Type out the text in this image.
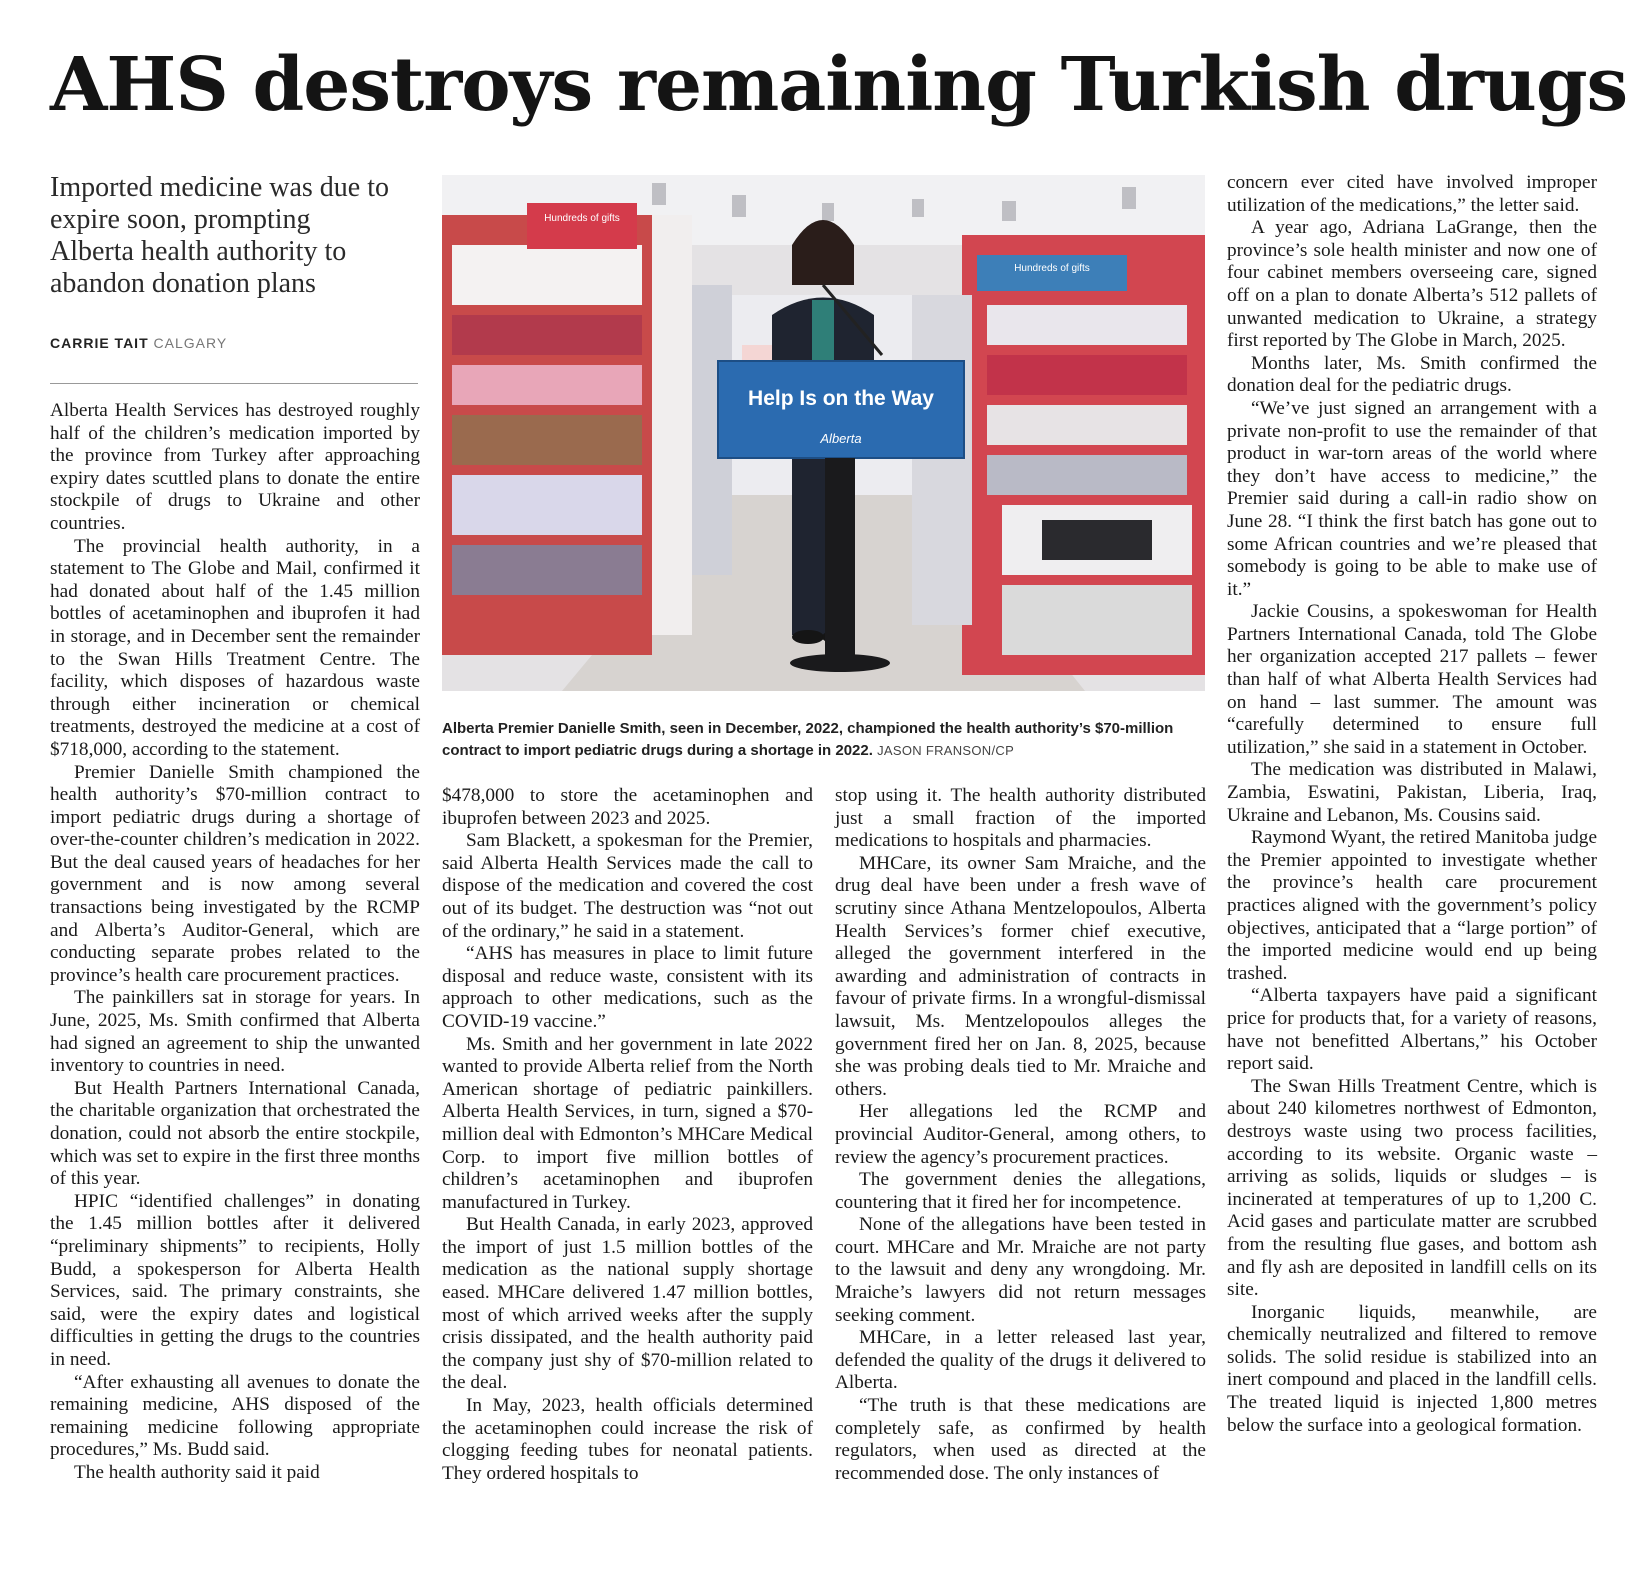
AHS destroys remaining Turkish drugs

Imported medicine was due to expire soon, prompting Alberta health authority to abandon donation plans

CARRIE TAIT CALGARY
Hundreds of gifts
Hundreds of gifts
Help Is on the Way
Alberta

Alberta Premier Danielle Smith, seen in December, 2022, championed the health authority’s $70-million contract to import pediatric drugs during a shortage in 2022. JASON FRANSON/CP

Alberta Health Services has destroyed roughly half of the children’s medication imported by the province from Turkey after approaching expiry dates scuttled plans to donate the entire stockpile of drugs to Ukraine and other countries.

The provincial health authority, in a statement to The Globe and Mail, confirmed it had donated about half of the 1.45 million bottles of acetaminophen and ibuprofen it had in storage, and in December sent the remainder to the Swan Hills Treatment Centre. The facility, which disposes of hazardous waste through either incineration or chemical treatments, destroyed the medicine at a cost of $718,000, according to the statement.

Premier Danielle Smith championed the health authority’s $70-million contract to import pediatric drugs during a shortage of over-the-counter children’s medication in 2022. But the deal caused years of headaches for her government and is now among several transactions being investigated by the RCMP and Alberta’s Auditor-General, which are conducting separate probes related to the province’s health care procurement practices.

The painkillers sat in storage for years. In June, 2025, Ms. Smith confirmed that Alberta had signed an agreement to ship the unwanted inventory to countries in need.

But Health Partners International Canada, the charitable organization that orchestrated the donation, could not absorb the entire stockpile, which was set to expire in the first three months of this year.

HPIC “identified challenges” in donating the 1.45 million bottles after it delivered “preliminary shipments” to recipients, Holly Budd, a spokesperson for Alberta Health Services, said. The primary constraints, she said, were the expiry dates and logistical difficulties in getting the drugs to the countries in need.

“After exhausting all avenues to donate the remaining medicine, AHS disposed of the remaining medicine following appropriate procedures,” Ms. Budd said.

The health authority said it paid

$478,000 to store the acetaminophen and ibuprofen between 2023 and 2025.

Sam Blackett, a spokesman for the Premier, said Alberta Health Services made the call to dispose of the medication and covered the cost out of its budget. The destruction was “not out of the ordinary,” he said in a statement.

“AHS has measures in place to limit future disposal and reduce waste, consistent with its approach to other medications, such as the COVID-19 vaccine.”

Ms. Smith and her government in late 2022 wanted to provide Alberta relief from the North American shortage of pediatric painkillers. Alberta Health Services, in turn, signed a $70-million deal with Edmonton’s MHCare Medical Corp. to import five million bottles of children’s acetaminophen and ibuprofen manufactured in Turkey.

But Health Canada, in early 2023, approved the import of just 1.5 million bottles of the medication as the national supply shortage eased. MHCare delivered 1.47 million bottles, most of which arrived weeks after the supply crisis dissipated, and the health authority paid the company just shy of $70-million related to the deal.

In May, 2023, health officials determined the acetaminophen could increase the risk of clogging feeding tubes for neonatal patients. They ordered hospitals to

stop using it. The health authority distributed just a small fraction of the imported medications to hospitals and pharmacies.

MHCare, its owner Sam Mraiche, and the drug deal have been under a fresh wave of scrutiny since Athana Mentzelopoulos, Alberta Health Services’s former chief executive, alleged the government interfered in the awarding and administration of contracts in favour of private firms. In a wrongful-dismissal lawsuit, Ms. Mentzelopoulos alleges the government fired her on Jan. 8, 2025, because she was probing deals tied to Mr. Mraiche and others.

Her allegations led the RCMP and provincial Auditor-General, among others, to review the agency’s procurement practices.

The government denies the allegations, countering that it fired her for incompetence.

None of the allegations have been tested in court. MHCare and Mr. Mraiche are not party to the lawsuit and deny any wrongdoing. Mr. Mraiche’s lawyers did not return messages seeking comment.

MHCare, in a letter released last year, defended the quality of the drugs it delivered to Alberta.

“The truth is that these medications are completely safe, as confirmed by health regulators, when used as directed at the recommended dose. The only instances of

concern ever cited have involved improper utilization of the medications,” the letter said.

A year ago, Adriana LaGrange, then the province’s sole health minister and now one of four cabinet members overseeing care, signed off on a plan to donate Alberta’s 512 pallets of unwanted medication to Ukraine, a strategy first reported by The Globe in March, 2025.

Months later, Ms. Smith confirmed the donation deal for the pediatric drugs.

“We’ve just signed an arrangement with a private non-profit to use the remainder of that product in war-torn areas of the world where they don’t have access to medicine,” the Premier said during a call-in radio show on June 28. “I think the first batch has gone out to some African countries and we’re pleased that somebody is going to be able to make use of it.”

Jackie Cousins, a spokeswoman for Health Partners International Canada, told The Globe her organization accepted 217 pallets – fewer than half of what Alberta Health Services had on hand – last summer. The amount was “carefully determined to ensure full utilization,” she said in a statement in October.

The medication was distributed in Malawi, Zambia, Eswatini, Pakistan, Liberia, Iraq, Ukraine and Lebanon, Ms. Cousins said.

Raymond Wyant, the retired Manitoba judge the Premier appointed to investigate whether the province’s health care procurement practices aligned with the government’s policy objectives, anticipated that a “large portion” of the imported medicine would end up being trashed.

“Alberta taxpayers have paid a significant price for products that, for a variety of reasons, have not benefitted Albertans,” his October report said.

The Swan Hills Treatment Centre, which is about 240 kilometres northwest of Edmonton, destroys waste using two process facilities, according to its website. Organic waste – arriving as solids, liquids or sludges – is incinerated at temperatures of up to 1,200 C. Acid gases and particulate matter are scrubbed from the resulting flue gases, and bottom ash and fly ash are deposited in landfill cells on its site.

Inorganic liquids, meanwhile, are chemically neutralized and filtered to remove solids. The solid residue is stabilized into an inert compound and placed in the landfill cells. The treated liquid is injected 1,800 metres below the surface into a geological formation.
